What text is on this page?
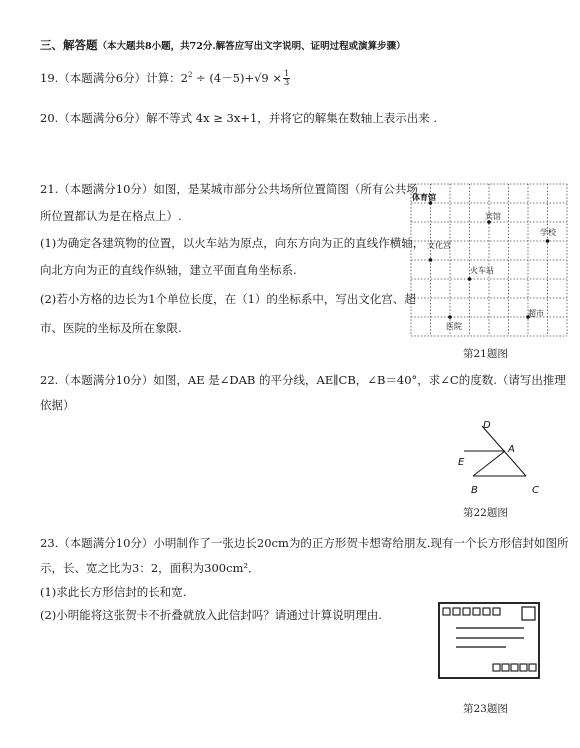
三、解答题（本大题共8小题，共72分.解答应写出文字说明、证明过程或演算步骤）
19.（本题满分6分）计算：$2^2 \div (4-5)+√9 \times \frac{1}{3}$
20.（本题满分6分）解不等式 4x ≥ 3x+1，并将它的解集在数轴上表示出来 .
21.（本题满分10分）如图，是某城市部分公共场所位置简图（所有公共场
所位置都认为是在格点上）.
(1)为确定各建筑物的位置，以火车站为原点，向东方向为正的直线作横轴，
向北方向为正的直线作纵轴，建立平面直角坐标系.
(2)若小方格的边长为1个单位长度，在（1）的坐标系中，写出文化宫、超
市、医院的坐标及所在象限.
体育馆
宾馆
学校
文化宫
火车站
超市
医院
第21题图
22.（本题满分10分）如图，AE 是∠DAB 的平分线，AE∥CB，∠B＝40°，求∠C的度数.（请写出推理
依据）
D
A
E
B	C
第22题图
23.（本题满分10分）小明制作了一张边长20cm为的正方形贺卡想寄给朋友.现有一个长方形信封如图所
示，长、宽之比为3：2，面积为300cm²．
(1)求此长方形信封的长和宽.
(2)小明能将这张贺卡不折叠就放入此信封吗？请通过计算说明理由.
第23题图
